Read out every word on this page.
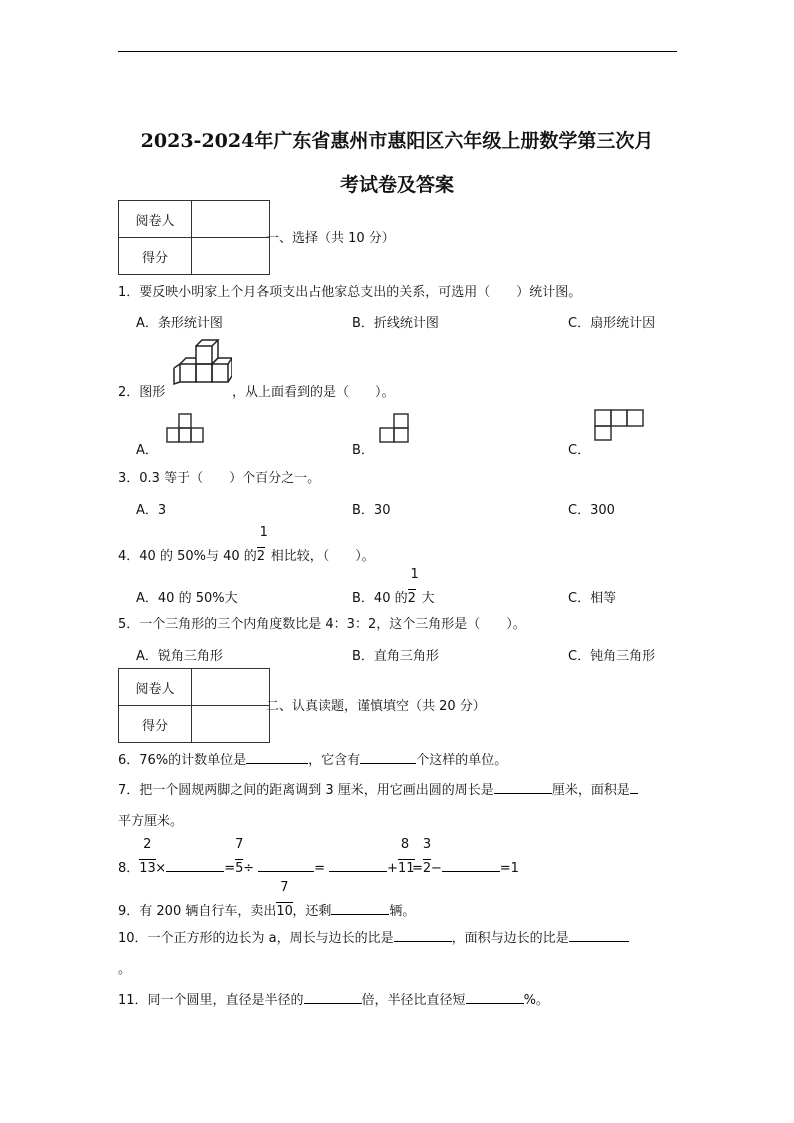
2023-2024年广东省惠州市惠阳区六年级上册数学第三次月
考试卷及答案
阅卷人	
得分	
一、选择（共 10 分）
1．要反映小明家上个月各项支出占他家总支出的关系，可选用（　　）统计图。
A．条形统计图	B．折线统计图	C．扇形统计因
2．图形	，从上面看到的是（　　）。
A．	B．	C．
3．0.3 等于（　　）个百分之一。
A．3	B．30	C．300
4．40 的 50%与 40 的 $\frac{1}{2}$相比较，（　　）。
A．40 的 50%大	B．40 的 $\frac{1}{2}$大	C．相等
5．一个三角形的三个内角度数比是 4：3：2，这个三角形是（　　）。
A．锐角三角形	B．直角三角形	C．钝角三角形
阅卷人	
得分	
二、认真读题，谨慎填空（共 20 分）
6．76%的计数单位是	，它含有	个这样的单位。
7．把一个圆规两脚之间的距离调到 3 厘米，用它画出圆的周长是	厘米，面积是
平方厘米。
8． $\frac{2}{13}\times$	= $\frac{7}{5}\div$	=	+ $\frac{8}{11}= \frac{3}{2}-$	=1
9．有 200 辆自行车，卖出 $\frac{7}{10}$，还剩	辆。
10．一个正方形的边长为 a，周长与边长的比是	，面积与边长的比是
。
11．同一个圆里，直径是半径的	倍，半径比直径短	%。
